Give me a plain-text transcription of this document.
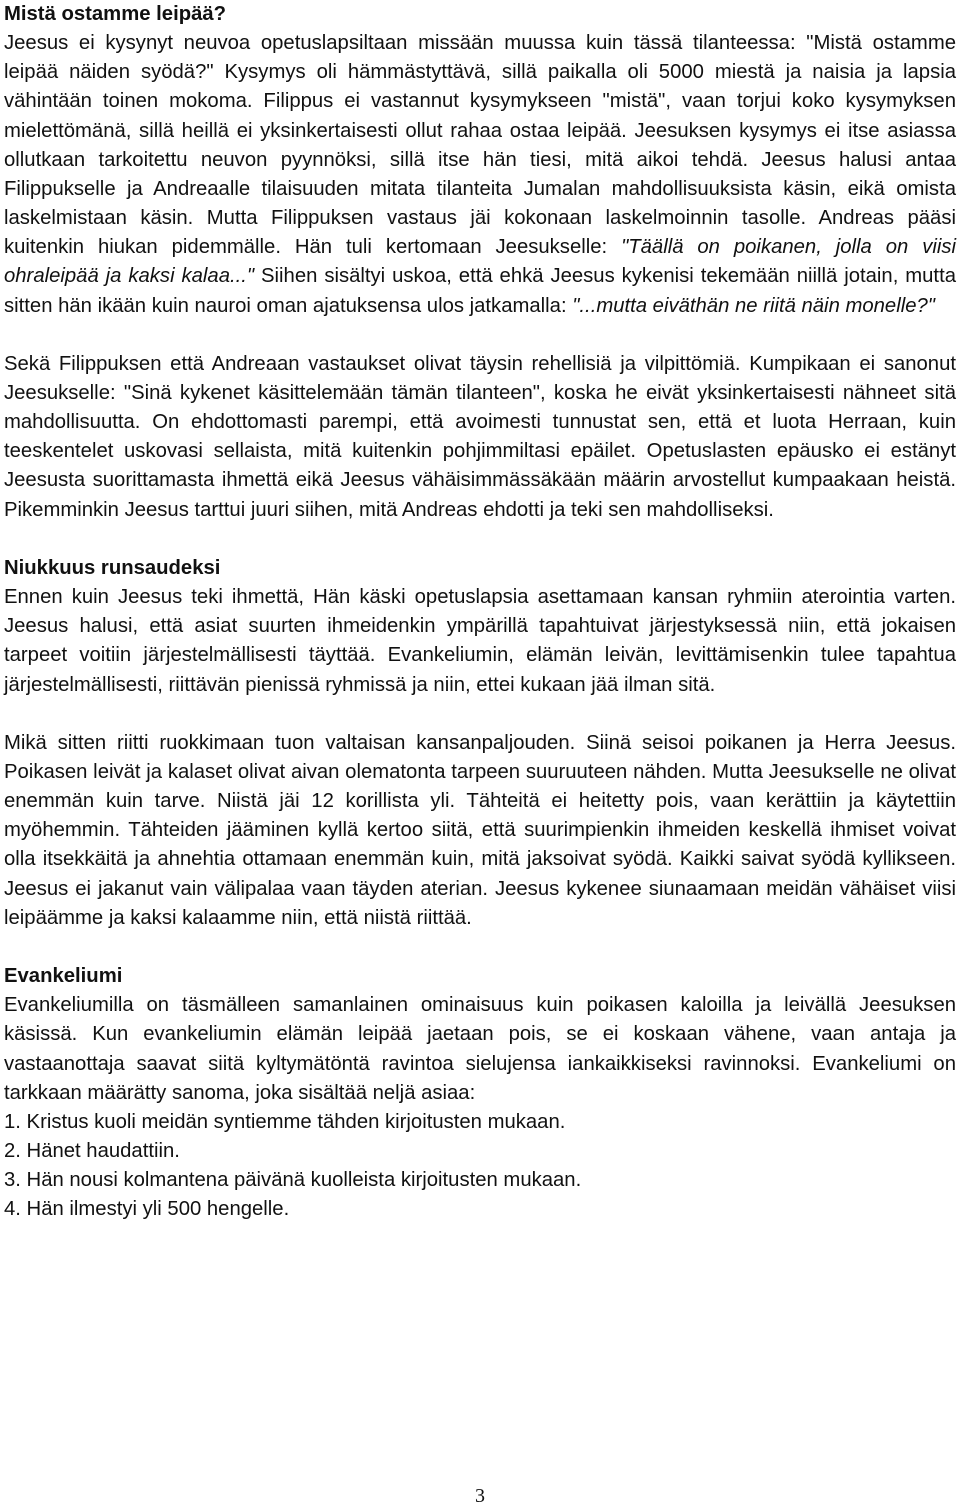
Mistä ostamme leipää?

Jeesus ei kysynyt neuvoa opetuslapsiltaan missään muussa kuin tässä tilanteessa: "Mistä ostamme leipää näiden syödä?" Kysymys oli hämmästyttävä, sillä paikalla oli 5000 miestä ja naisia ja lapsia vähintään toinen mokoma. Filippus ei vastannut kysymykseen "mistä", vaan torjui koko kysymyksen mielettömänä, sillä heillä ei yksinkertaisesti ollut rahaa ostaa leipää. Jeesuksen kysymys ei itse asiassa ollutkaan tarkoitettu neuvon pyynnöksi, sillä itse hän tiesi, mitä aikoi tehdä. Jeesus halusi antaa Filippukselle ja Andreaalle tilaisuuden mitata tilanteita Jumalan mahdollisuuksista käsin, eikä omista laskelmistaan käsin. Mutta Filippuksen vastaus jäi kokonaan laskelmoinnin tasolle. Andreas pääsi kuitenkin hiukan pidemmälle. Hän tuli kertomaan Jeesukselle: "Täällä on poikanen, jolla on viisi ohraleipää ja kaksi kalaa..." Siihen sisältyi uskoa, että ehkä Jeesus kykenisi tekemään niillä jotain, mutta sitten hän ikään kuin nauroi oman ajatuksensa ulos jatkamalla: "...mutta eiväthän ne riitä näin monelle?"

Sekä Filippuksen että Andreaan vastaukset olivat täysin rehellisiä ja vilpittömiä. Kumpikaan ei sanonut Jeesukselle: "Sinä kykenet käsittelemään tämän tilanteen", koska he eivät yksinkertaisesti nähneet sitä mahdollisuutta. On ehdottomasti parempi, että avoimesti tunnustat sen, että et luota Herraan, kuin teeskentelet uskovasi sellaista, mitä kuitenkin pohjimmiltasi epäilet. Opetuslasten epäusko ei estänyt Jeesusta suorittamasta ihmettä eikä Jeesus vähäisimmässäkään määrin arvostellut kumpaakaan heistä. Pikemminkin Jeesus tarttui juuri siihen, mitä Andreas ehdotti ja teki sen mahdolliseksi.

Niukkuus runsaudeksi

Ennen kuin Jeesus teki ihmettä, Hän käski opetuslapsia asettamaan kansan ryhmiin aterointia varten. Jeesus halusi, että asiat suurten ihmeidenkin ympärillä tapahtuivat järjestyksessä niin, että jokaisen tarpeet voitiin järjestelmällisesti täyttää. Evankeliumin, elämän leivän, levittämisenkin tulee tapahtua järjestelmällisesti, riittävän pienissä ryhmissä ja niin, ettei kukaan jää ilman sitä.

Mikä sitten riitti ruokkimaan tuon valtaisan kansanpaljouden. Siinä seisoi poikanen ja Herra Jeesus. Poikasen leivät ja kalaset olivat aivan olematonta tarpeen suuruuteen nähden. Mutta Jeesukselle ne olivat enemmän kuin tarve. Niistä jäi 12 korillista yli. Tähteitä ei heitetty pois, vaan kerättiin ja käytettiin myöhemmin. Tähteiden jääminen kyllä kertoo siitä, että suurimpienkin ihmeiden keskellä ihmiset voivat olla itsekkäitä ja ahnehtia ottamaan enemmän kuin, mitä jaksoivat syödä. Kaikki saivat syödä kyllikseen. Jeesus ei jakanut vain välipalaa vaan täyden aterian. Jeesus kykenee siunaamaan meidän vähäiset viisi leipäämme ja kaksi kalaamme niin, että niistä riittää.

Evankeliumi

Evankeliumilla on täsmälleen samanlainen ominaisuus kuin poikasen kaloilla ja leivällä Jeesuksen käsissä. Kun evankeliumin elämän leipää jaetaan pois, se ei koskaan vähene, vaan antaja ja vastaanottaja saavat siitä kyltymätöntä ravintoa sielujensa iankaikkiseksi ravinnoksi. Evankeliumi on tarkkaan määrätty sanoma, joka sisältää neljä asiaa:

1. Kristus kuoli meidän syntiemme tähden kirjoitusten mukaan.
2. Hänet haudattiin.
3. Hän nousi kolmantena päivänä kuolleista kirjoitusten mukaan.
4. Hän ilmestyi yli 500 hengelle.
3
